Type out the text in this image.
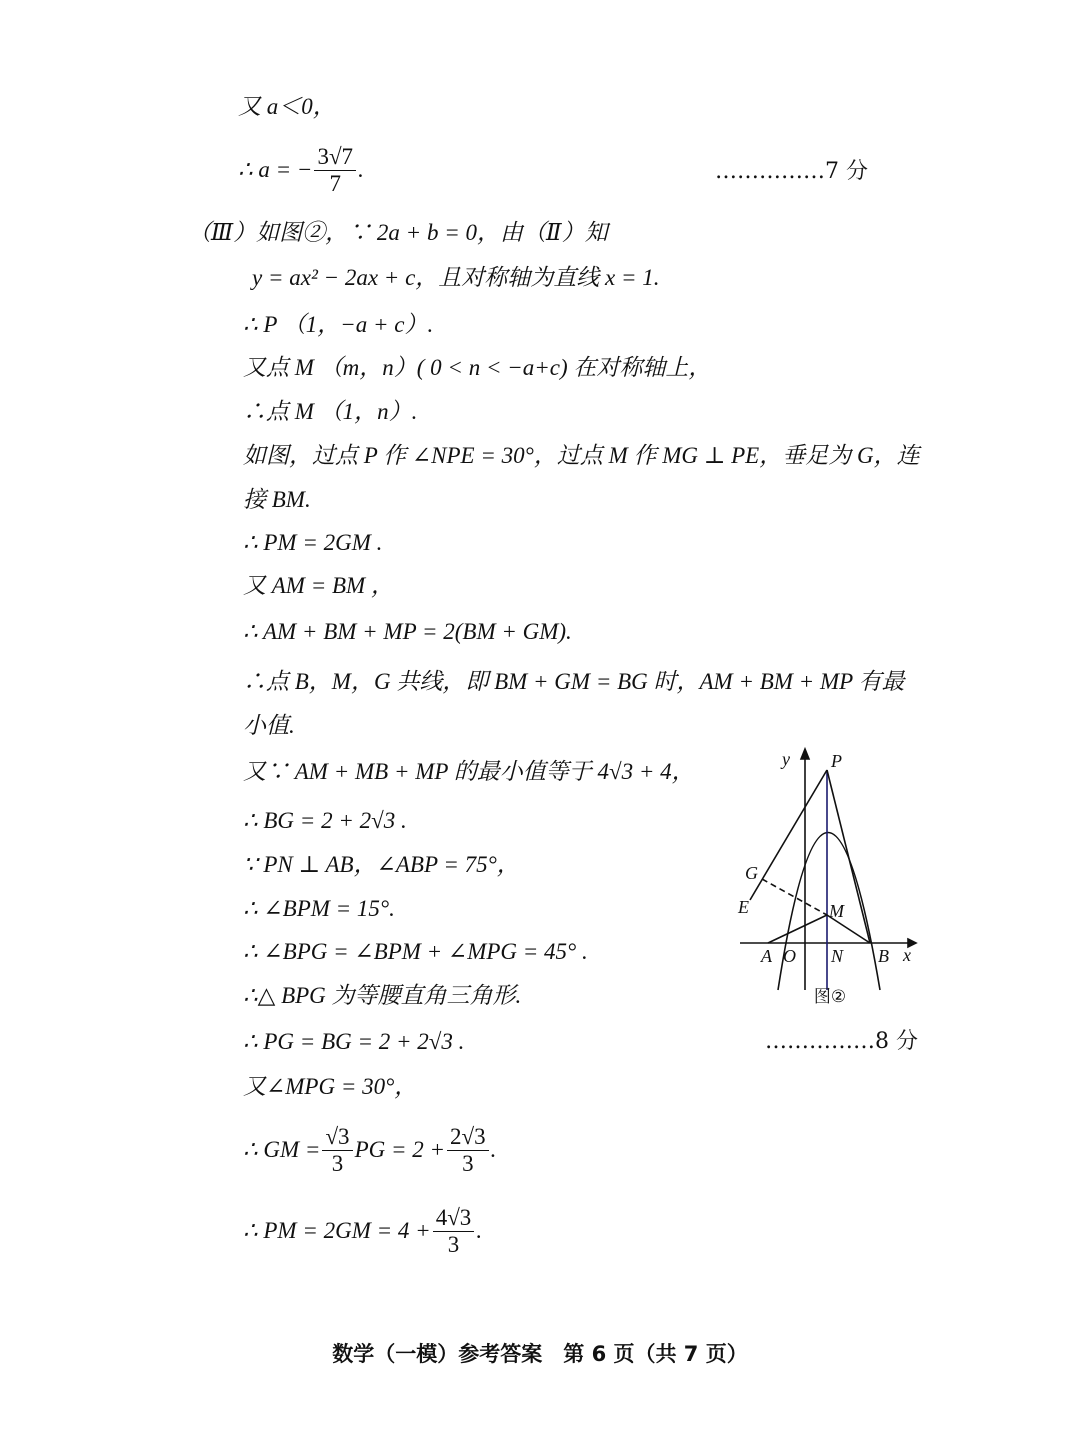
又 a＜0，
∴ a = − $\frac{3√7}{7}$ .	……………7 分
（Ⅲ）如图②，∵ 2a + b = 0，由（Ⅱ）知
y = ax² − 2ax + c，且对称轴为直线 x = 1.
∴ P （1，−a + c）.
又点 M （m，n）( 0 < n < −a+c) 在对称轴上，
∴点 M （1，n）.
如图，过点 P 作 ∠NPE = 30°，过点 M 作 MG ⊥ PE，垂足为 G，连
接 BM.
∴ PM = 2GM .
又 AM = BM ，
∴ AM + BM + MP = 2(BM + GM).
∴点 B，M，G 共线，即 BM + GM = BG 时，AM + BM + MP 有最
小值.
又∵ AM + MB + MP 的最小值等于 4√3 + 4，
∴ BG = 2 + 2√3 .
∵ PN ⊥ AB，∠ABP = 75°，
∴ ∠BPM = 15°.
∴ ∠BPG = ∠BPM + ∠MPG = 45° .
∴△ BPG 为等腰直角三角形.
∴ PG = BG = 2 + 2√3 .	……………8 分
又∠MPG = 30°，
∴ GM = $\frac{√3}{3}$ PG = $2 + \frac{2√3}{3}$ .
∴ PM = $2GM = 4 + \frac{4√3}{3}$ .
y P
G
E	M
A O N B x
图②
数学（一模）参考答案　第 6 页（共 7 页）
